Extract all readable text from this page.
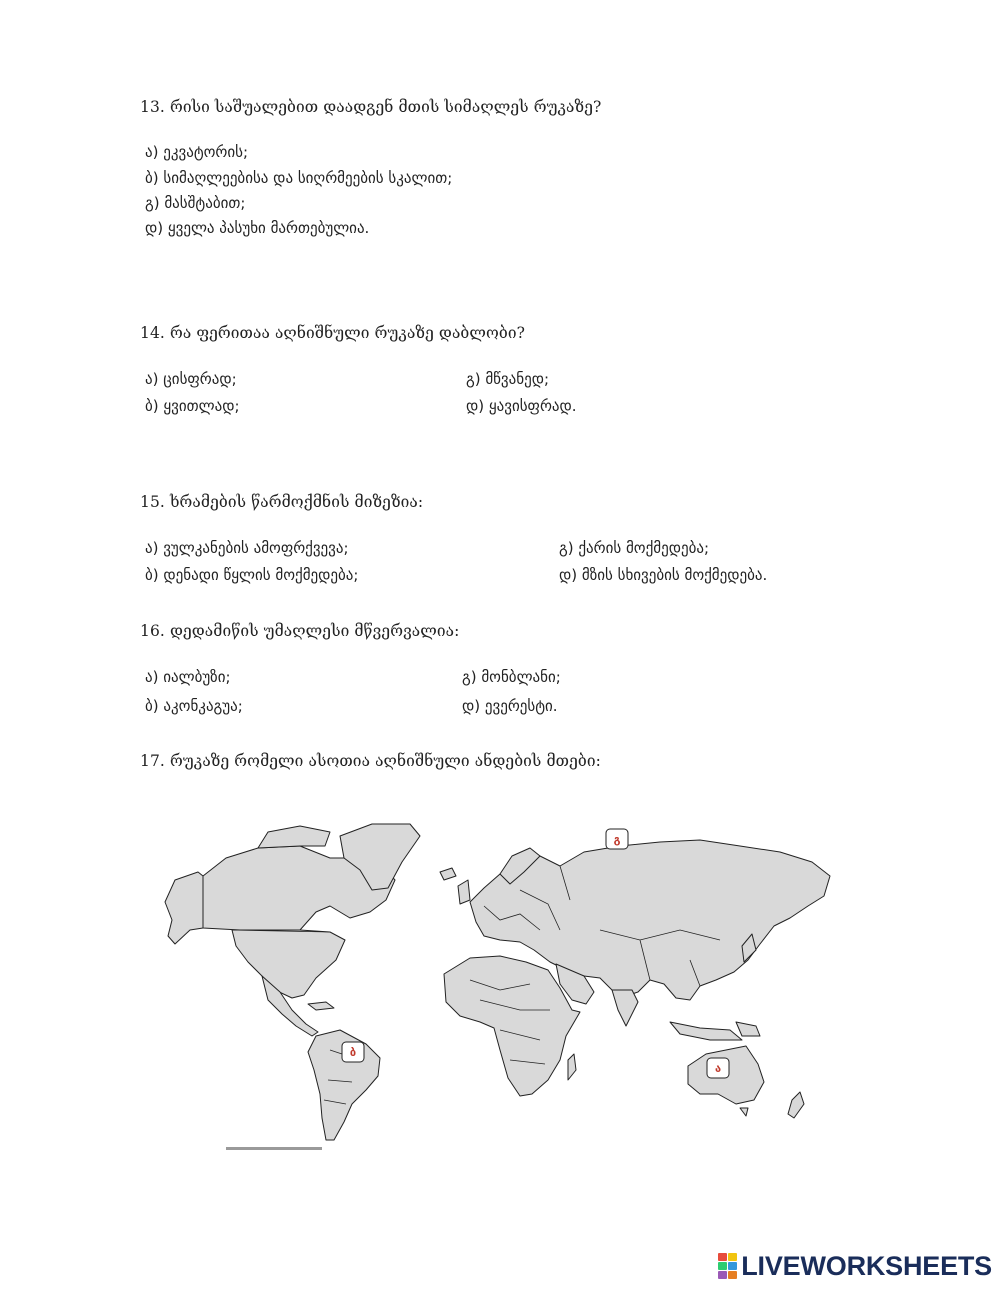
13. რისი საშუალებით დაადგენ მთის სიმაღლეს რუკაზე?
ა) ეკვატორის;
ბ) სიმაღლეებისა და სიღრმეების სკალით;
გ) მასშტაბით;
დ) ყველა პასუხი მართებულია.
14. რა ფერითაა აღნიშნული რუკაზე დაბლობი?
ა) ცისფრად;	გ) მწვანედ;
ბ) ყვითლად;	დ) ყავისფრად.
15. ხრამების წარმოქმნის მიზეზია:
ა) ვულკანების ამოფრქვევა;	გ) ქარის მოქმედება;
ბ) დენადი წყლის მოქმედება;	დ) მზის სხივების მოქმედება.
16. დედამიწის უმაღლესი მწვერვალია:
ა) იალბუზი;	გ) მონბლანი;
ბ) აკონკაგუა;	დ) ევერესტი.
17. რუკაზე რომელი ასოთია აღნიშნული ანდების მთები:
გ
ბ
ა
LIVEWORKSHEETS
